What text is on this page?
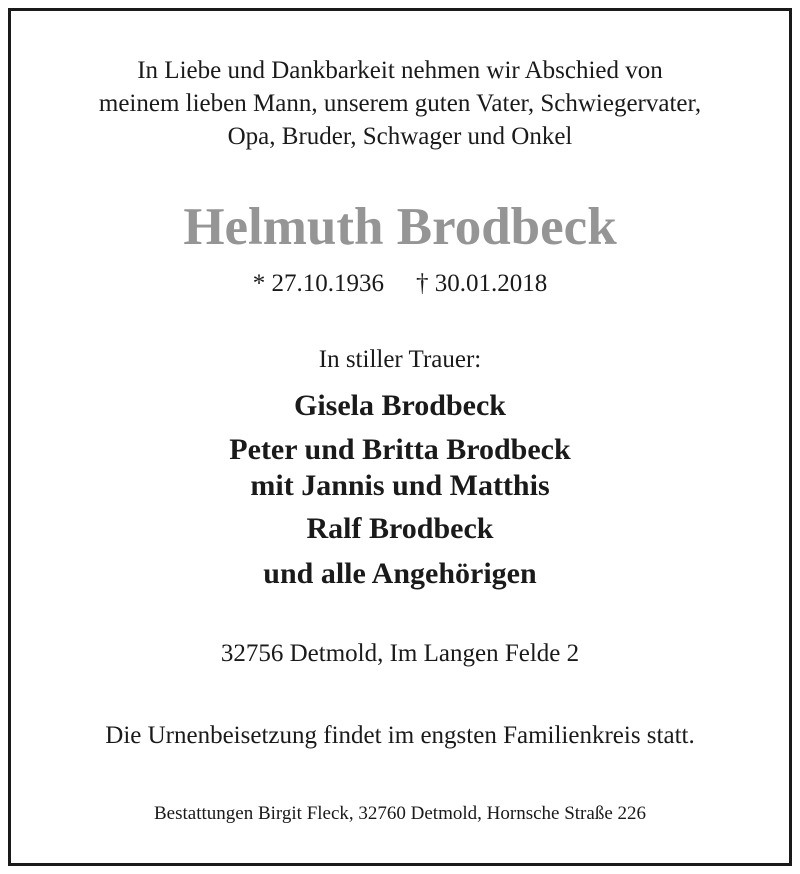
In Liebe und Dankbarkeit nehmen wir Abschied von
meinem lieben Mann, unserem guten Vater, Schwiegervater,
Opa, Bruder, Schwager und Onkel

Helmuth Brodbeck

* 27.10.1936 † 30.01.2018

In stiller Trauer:

Gisela Brodbeck

Peter und Britta Brodbeck

mit Jannis und Matthis

Ralf Brodbeck

und alle Angehörigen

32756 Detmold, Im Langen Felde 2

Die Urnenbeisetzung findet im engsten Familienkreis statt.

Bestattungen Birgit Fleck, 32760 Detmold, Hornsche Straße 226
